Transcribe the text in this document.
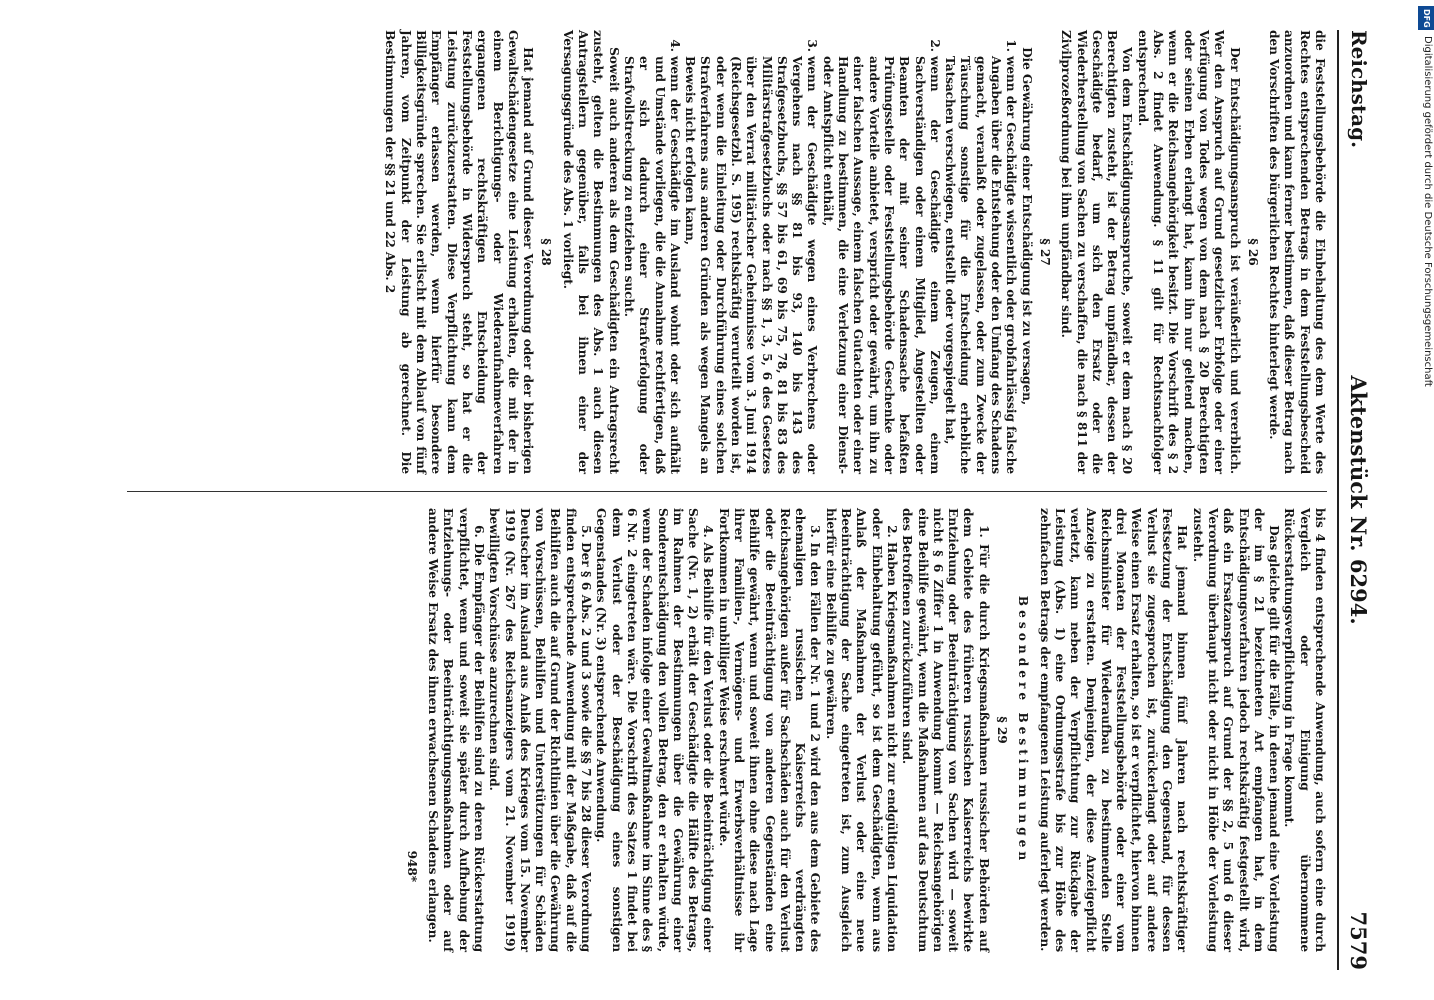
Reichstag.
Aktenstück Nr. 6294.
7579

die Feststellungsbehörde die Einbehaltung des dem Werte des Rechtes entsprechenden Betrags in dem Feststellungsbescheid anzuordnen und kann ferner bestimmen, daß dieser Betrag nach den Vorschriften des bürgerlichen Rechtes hinterlegt werde.

§ 26

Der Entschädigungsanspruch ist veräußerlich und vererblich. Wer den Anspruch auf Grund gesetzlicher Erbfolge oder einer Verfügung von Todes wegen von dem nach § 20 Berechtigten oder seinen Erben erlangt hat, kann ihn nur geltend machen, wenn er die Reichsangehörigkeit besitzt. Die Vorschrift des § 2 Abs. 2 findet Anwendung. § 11 gilt für Rechtsnachfolger entsprechend.

Von dem Entschädigungsanspruche, soweit er dem nach § 20 Berechtigten zusteht, ist der Betrag unpfändbar, dessen der Geschädigte bedarf, um sich den Ersatz oder die Wiederherstellung von Sachen zu verschaffen, die nach § 811 der Zivilprozeßordnung bei ihm unpfändbar sind.

§ 27

Die Gewährung einer Entschädigung ist zu versagen,

1. wenn der Geschädigte wissentlich oder grobfahrlässig falsche Angaben über die Entstehung oder den Umfang des Schadens gemacht, veranlaßt oder zugelassen, oder zum Zwecke der Täuschung sonstige für die Entscheidung erhebliche Tatsachen verschwiegen, entstellt oder vorgespiegelt hat,
2. wenn der Geschädigte einem Zeugen, einem Sachverständigen oder einem Mitglied, Angestellten oder Beamten der mit seiner Schadenssache befaßten Prüfungsstelle oder Feststellungsbehörde Geschenke oder andere Vorteile anbietet, verspricht oder gewährt, um ihn zu einer falschen Aussage, einem falschen Gutachten oder einer Handlung zu bestimmen, die eine Verletzung einer Dienst- oder Amtspflicht enthält,
3. wenn der Geschädigte wegen eines Verbrechens oder Vergehens nach §§ 81 bis 93, 140 bis 143 des Strafgesetzbuchs, §§ 57 bis 61, 69 bis 75, 78, 81 bis 83 des Militärstrafgesetzbuchs oder nach §§ 1, 3, 5, 6 des Gesetzes über den Verrat militärischer Geheimnisse vom 3. Juni 1914 (Reichsgesetzbl. S. 195) rechtskräftig verurteilt worden ist, oder wenn die Einleitung oder Durchführung eines solchen Strafverfahrens aus anderen Gründen als wegen Mangels an Beweis nicht erfolgen kann,
4. wenn der Geschädigte im Ausland wohnt oder sich aufhält und Umstände vorliegen, die die Annahme rechtfertigen, daß er sich dadurch einer Strafverfolgung oder Strafvollstreckung zu entziehen sucht.

Soweit auch anderen als dem Geschädigten ein Antragsrecht zusteht, gelten die Bestimmungen des Abs. 1 auch diesen Antragstellern gegenüber, falls bei ihnen einer der Versagungsgründe des Abs. 1 vorliegt.

§ 28

Hat jemand auf Grund dieser Verordnung oder der bisherigen Gewaltschädengesetze eine Leistung erhalten, die mit der in einem Berichtigungs- oder Wiederaufnahmeverfahren ergangenen rechtskräftigen Entscheidung der Feststellungsbehörde in Widerspruch steht, so hat er die Leistung zurückzuerstatten. Diese Verpflichtung kann dem Empfänger erlassen werden, wenn hierfür besondere Billigkeitsgründe sprechen. Sie erlischt mit dem Ablauf von fünf Jahren, vom Zeitpunkt der Leistung ab gerechnet. Die Bestimmungen der §§ 21 und 22 Abs. 2

bis 4 finden entsprechende Anwendung, auch sofern eine durch Vergleich oder Einigung übernommene Rückerstattungsverpflichtung in Frage kommt.

Das gleiche gilt für die Fälle, in denen jemand eine Vorleistung der im § 21 bezeichneten Art empfangen hat, in dem Entschädigungsverfahren jedoch rechtskräftig festgestellt wird, daß ein Ersatzanspruch auf Grund der §§ 2, 5 und 6 dieser Verordnung überhaupt nicht oder nicht in Höhe der Vorleistung zusteht.

Hat jemand binnen fünf Jahren nach rechtskräftiger Festsetzung der Entschädigung den Gegenstand, für dessen Verlust sie zugesprochen ist, zurückerlangt oder auf andere Weise einen Ersatz erhalten, so ist er verpflichtet, hiervon binnen drei Monaten der Feststellungsbehörde oder einer vom Reichsminister für Wiederaufbau zu bestimmenden Stelle Anzeige zu erstatten. Demjenigen, der diese Anzeigepflicht verletzt, kann neben der Verpflichtung zur Rückgabe der Leistung (Abs. 1) eine Ordnungsstrafe bis zur Höhe des zehnfachen Betrags der empfangenen Leistung auferlegt werden.

Besondere Bestimmungen
§ 29

1. Für die durch Kriegsmaßnahmen russischer Behörden auf dem Gebiete des früheren russischen Kaiserreichs bewirkte Entziehung oder Beeinträchtigung von Sachen wird — soweit nicht § 6 Ziffer 1 in Anwendung kommt — Reichsangehörigen eine Beihilfe gewährt, wenn die Maßnahmen auf das Deutschtum des Betroffenen zurückzuführen sind.

2. Haben Kriegsmaßnahmen nicht zur endgültigen Liquidation oder Einbehaltung geführt, so ist dem Geschädigten, wenn aus Anlaß der Maßnahmen der Verlust oder eine neue Beeinträchtigung der Sache eingetreten ist, zum Ausgleich hierfür eine Beihilfe zu gewähren.

3. In den Fällen der Nr. 1 und 2 wird den aus dem Gebiete des ehemaligen russischen Kaiserreichs verdrängten Reichsangehörigen außer für Sachschäden auch für den Verlust oder die Beeinträchtigung von anderen Gegenständen eine Beihilfe gewährt, wenn und soweit ihnen ohne diese nach Lage ihrer Familien-, Vermögens- und Erwerbsverhältnisse ihr Fortkommen in unbilliger Weise erschwert würde.

4. Als Beihilfe für den Verlust oder die Beeinträchtigung einer Sache (Nr. 1, 2) erhält der Geschädigte die Hälfte des Betrags, im Rahmen der Bestimmungen über die Gewährung einer Sonderentschädigung den vollen Betrag, den er erhalten würde, wenn der Schaden infolge einer Gewaltmaßnahme im Sinne des § 6 Nr. 2 eingetreten wäre. Die Vorschrift des Satzes 1 findet bei dem Verlust oder der Beschädigung eines sonstigen Gegenstandes (Nr. 3) entsprechende Anwendung.

5. Der § 6 Abs. 2 und 3 sowie die §§ 7 bis 28 dieser Verordnung finden entsprechende Anwendung mit der Maßgabe, daß auf die Beihilfen auch die auf Grund der Richtlinien über die Gewährung von Vorschüssen, Beihilfen und Unterstützungen für Schäden Deutscher im Ausland aus Anlaß des Krieges vom 15. November 1919 (Nr. 267 des Reichsanzeigers vom 21. November 1919) bewilligten Vorschüsse anzurechnen sind.

6. Die Empfänger der Beihilfen sind zu deren Rückerstattung verpflichtet, wenn und soweit sie später durch Aufhebung der Entziehungs- oder Beeinträchtigungsmaßnahmen oder auf andere Weise Ersatz des ihnen erwachsenen Schadens erlangen.

948*
DFG
Digitalisierung gefördert durch die Deutsche Forschungsgemeinschaft
